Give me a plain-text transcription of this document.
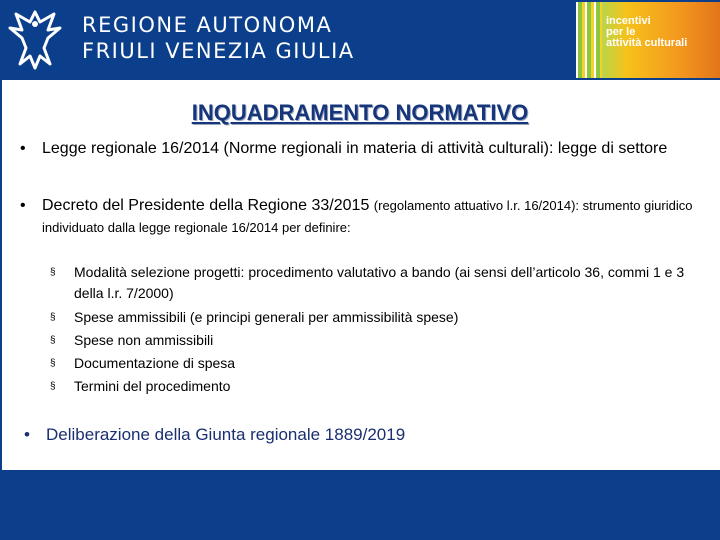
REGIONE AUTONOMA
FRIULI VENEZIA GIULIA
incentivi
per le
attività culturali
INQUADRAMENTO NORMATIVO
• Legge regionale 16/2014 (Norme regionali in materia di attività culturali): legge di settore
• Decreto del Presidente della Regione 33/2015 (regolamento attuativo l.r. 16/2014): strumento giuridico individuato dalla legge regionale 16/2014 per definire:
§ Modalità selezione progetti: procedimento valutativo a bando (ai sensi dell’articolo 36, commi 1 e 3 della l.r. 7/2000)
§ Spese ammissibili (e principi generali per ammissibilità spese)
§ Spese non ammissibili
§ Documentazione di spesa
§ Termini del procedimento
• Deliberazione della Giunta regionale 1889/2019
